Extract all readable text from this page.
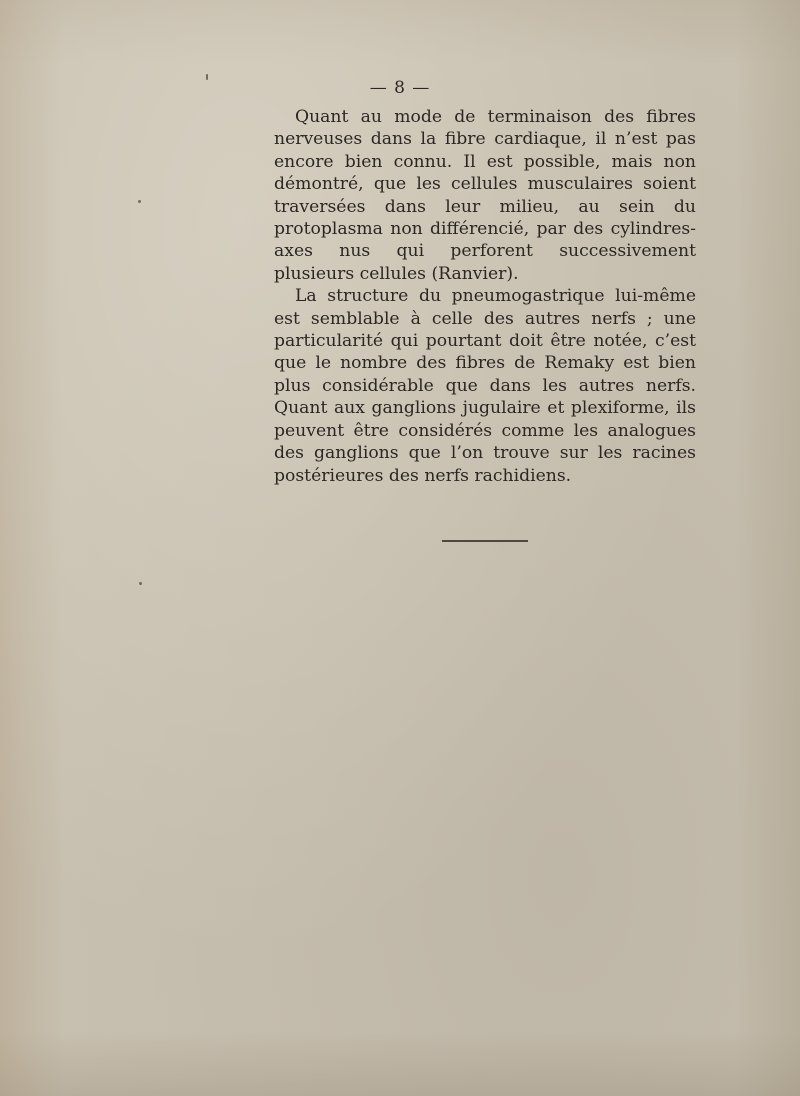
— 8 —

Quant au mode de terminaison des fibres nerveuses dans la fibre cardiaque, il n’est pas encore bien connu. Il est possible, mais non démontré, que les cellules musculaires soient traversées dans leur milieu, au sein du protoplasma non différencié, par des cylindres-axes nus qui perforent successivement plusieurs cellules (Ranvier).

La structure du pneumogastrique lui-même est semblable à celle des autres nerfs ; une particularité qui pourtant doit être notée, c’est que le nombre des fibres de Remaky est bien plus considérable que dans les autres nerfs. Quant aux ganglions jugulaire et plexiforme, ils peuvent être considérés comme les analogues des ganglions que l’on trouve sur les racines postérieures des nerfs rachidiens.
